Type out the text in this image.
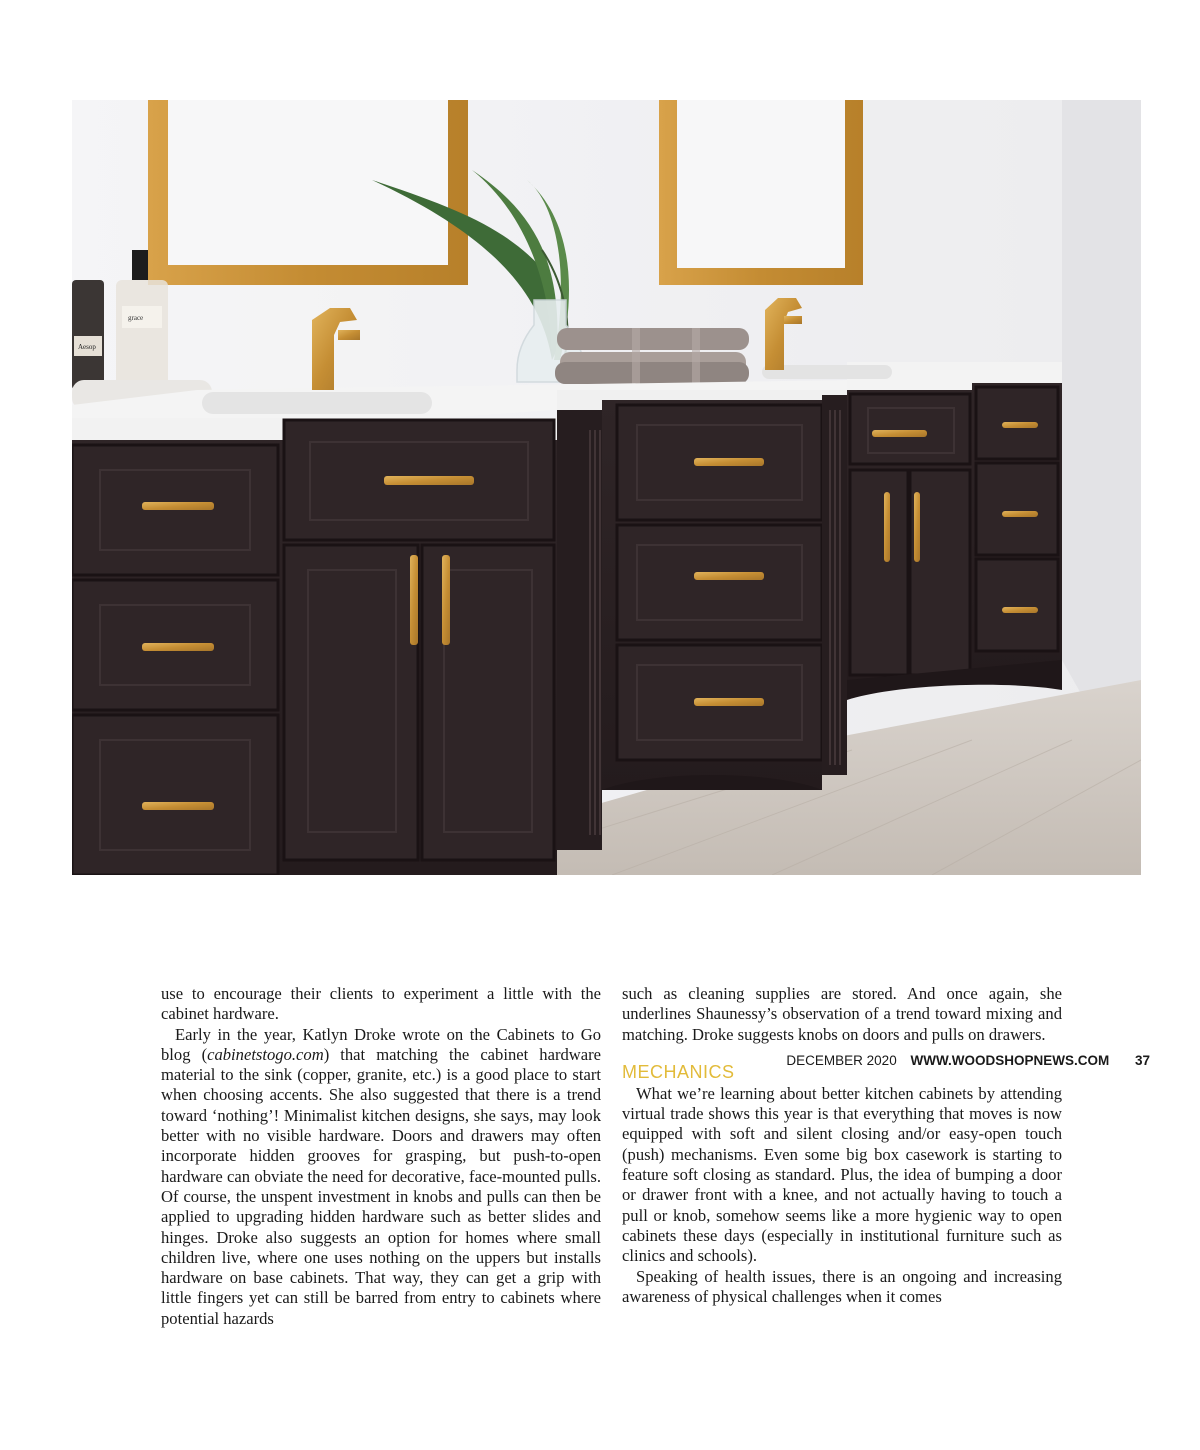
Aesop
grace

use to encourage their clients to experiment a little with the cabinet hardware.

Early in the year, Katlyn Droke wrote on the Cabinets to Go blog (cabinetstogo.com) that matching the cabinet hardware material to the sink (copper, granite, etc.) is a good place to start when choosing accents. She also suggested that there is a trend toward ‘nothing’! Minimalist kitchen designs, she says, may look better with no visible hardware. Doors and drawers may often incorporate hidden grooves for grasping, but push-to-open hardware can obviate the need for decorative, face-mounted pulls. Of course, the unspent investment in knobs and pulls can then be applied to upgrading hidden hardware such as better slides and hinges. Droke also suggests an option for homes where small children live, where one uses nothing on the uppers but installs hardware on base cabinets. That way, they can get a grip with little fingers yet can still be barred from entry to cabinets where potential hazards

such as cleaning supplies are stored. And once again, she underlines Shaunessy’s observation of a trend toward mixing and matching. Droke suggests knobs on doors and pulls on drawers.

MECHANICS

What we’re learning about better kitchen cabinets by attending virtual trade shows this year is that everything that moves is now equipped with soft and silent closing and/​or easy-open touch (push) mechanisms. Even some big box casework is starting to feature soft closing as standard. Plus, the idea of bumping a door or drawer front with a knee, and not actually having to touch a pull or knob, somehow seems like a more hygienic way to open cabinets these days (especially in institutional furniture such as clinics and schools).

Speaking of health issues, there is an ongoing and increasing awareness of physical challenges when it comes

DECEMBER 2020 WWW.WOODSHOPNEWS.COM 37
